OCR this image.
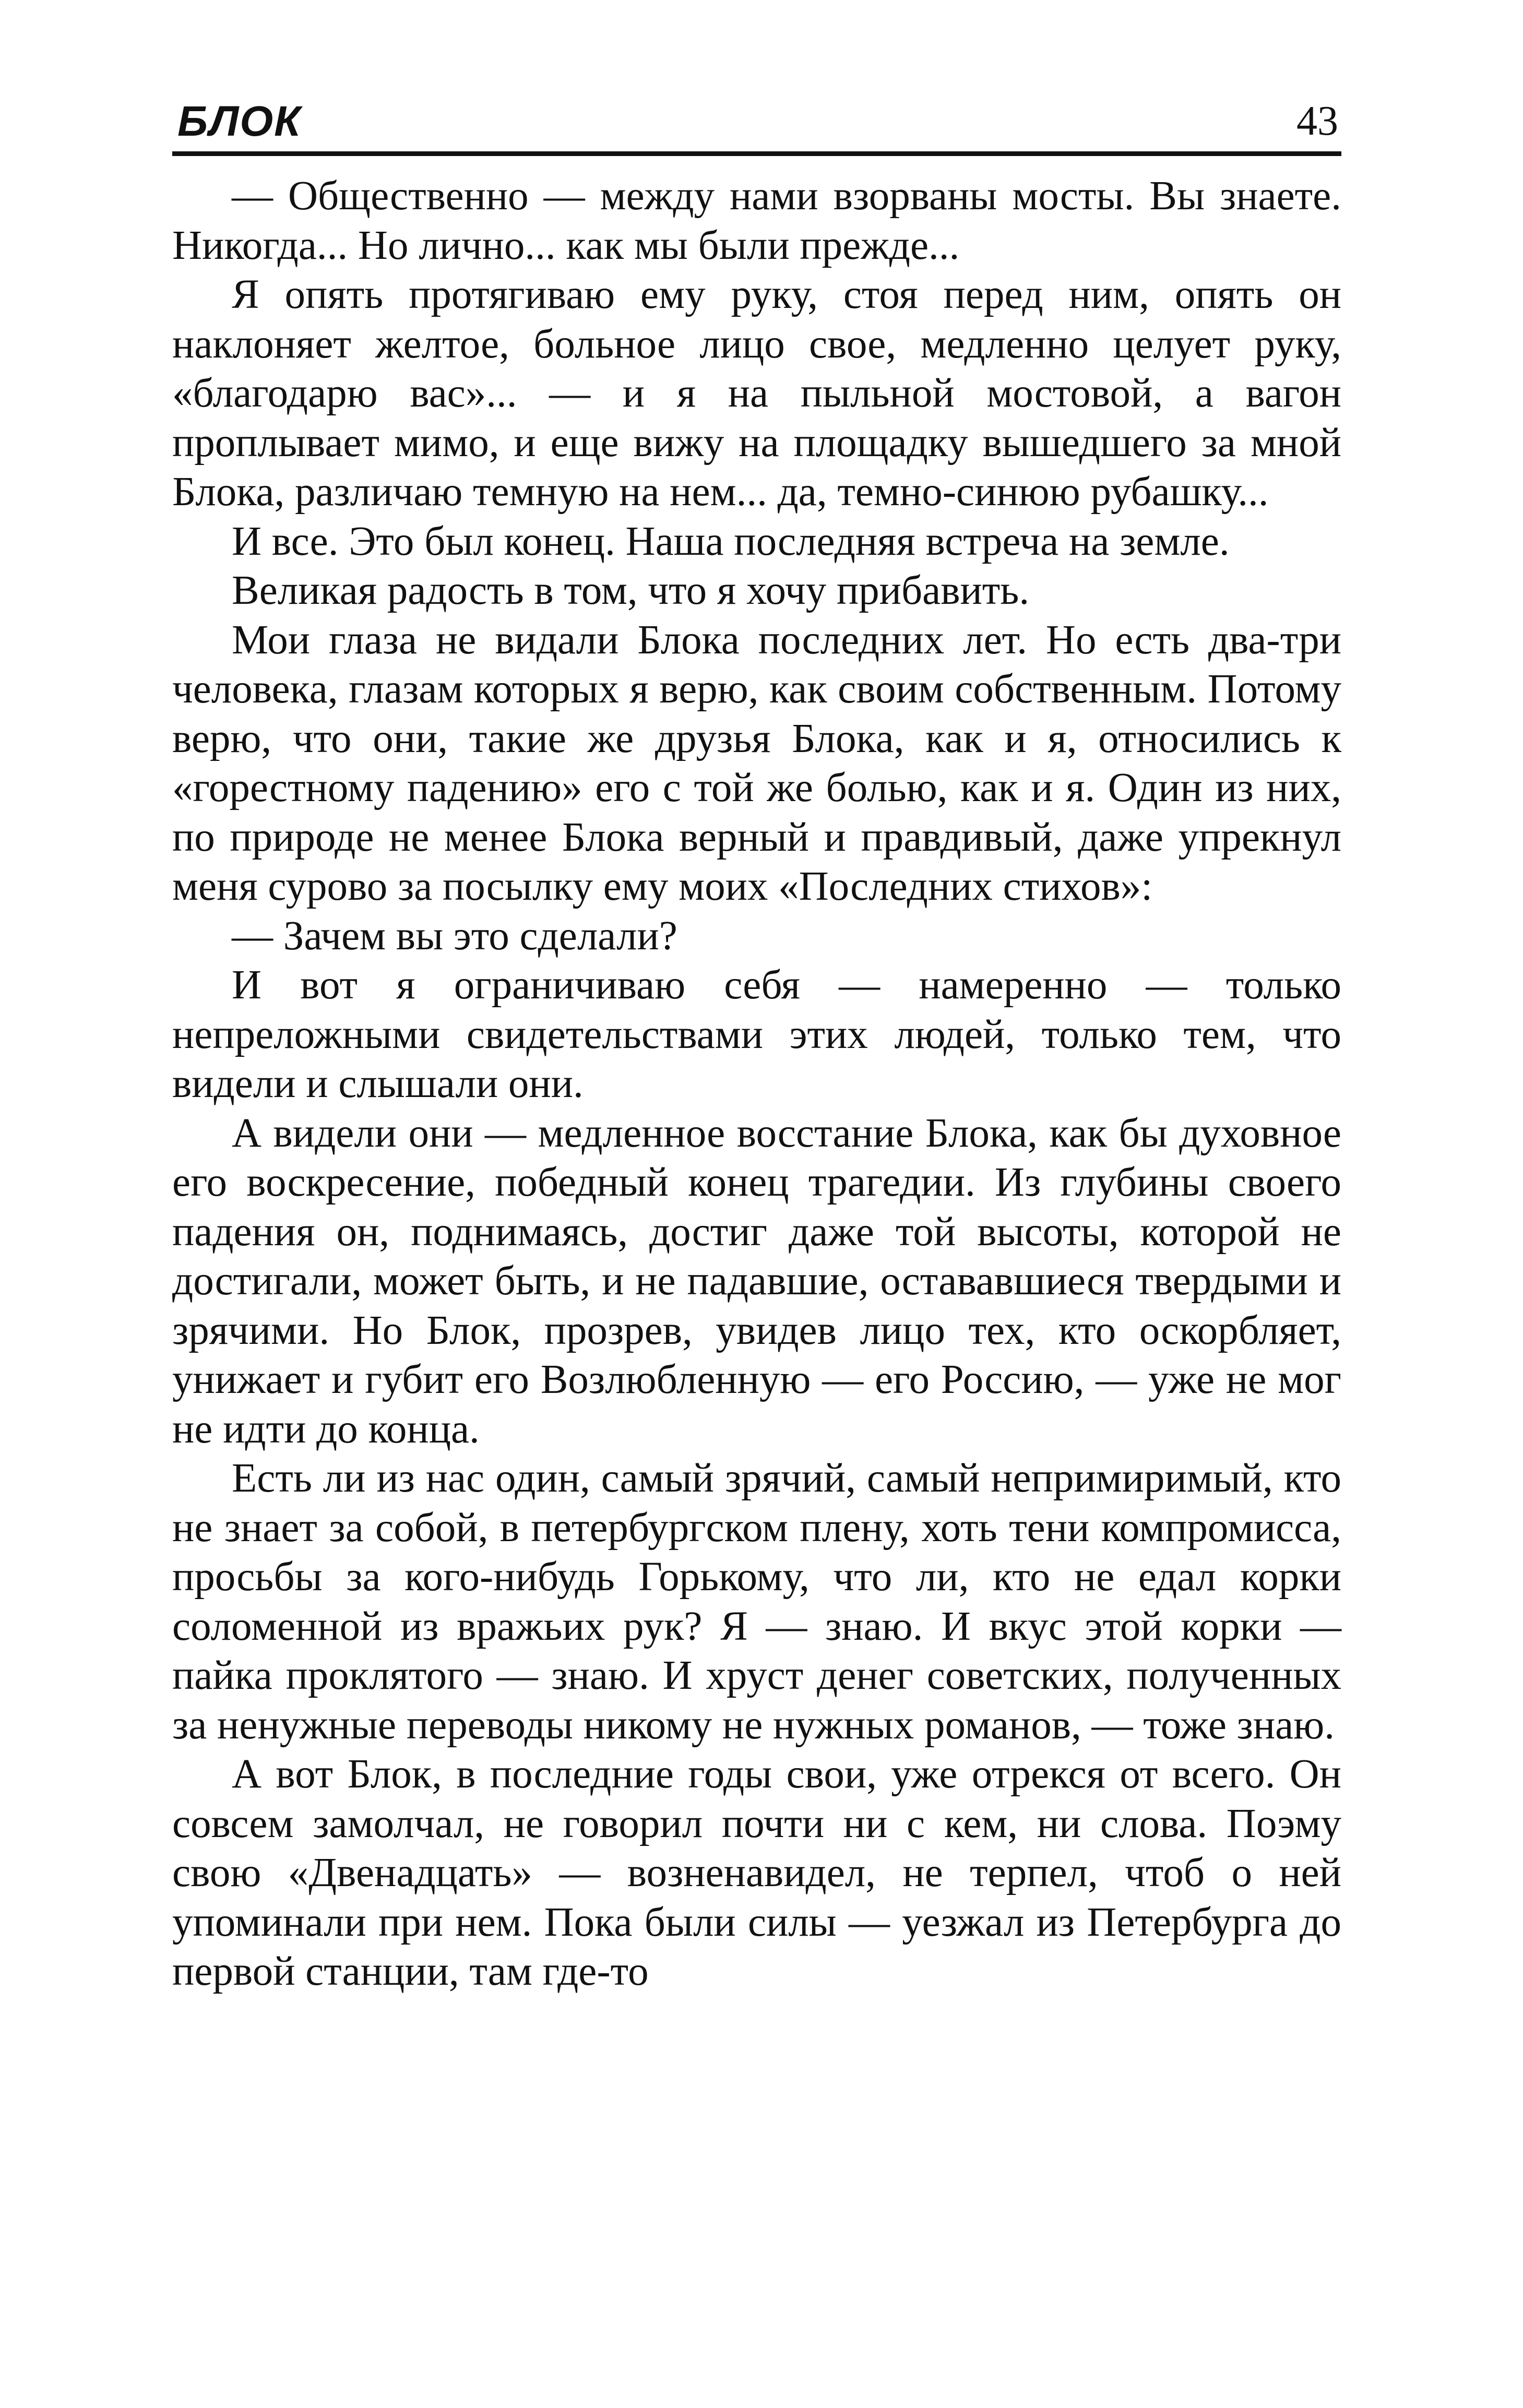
БЛОК	43

— Общественно — между нами взорваны мосты. Вы знаете. Никогда... Но лично... как мы были прежде...

Я опять протягиваю ему руку, стоя перед ним, опять он наклоняет желтое, больное лицо свое, медленно целует руку, «благодарю вас»... — и я на пыльной мостовой, а вагон проплывает мимо, и еще вижу на площадку вышедшего за мной Блока, различаю темную на нем... да, темно-синюю рубашку...

И все. Это был конец. Наша последняя встреча на земле.

Великая радость в том, что я хочу прибавить.

Мои глаза не видали Блока последних лет. Но есть два-три человека, глазам которых я верю, как своим собственным. Потому верю, что они, такие же друзья Блока, как и я, относились к «горестному падению» его с той же болью, как и я. Один из них, по природе не менее Блока верный и правдивый, даже упрекнул меня сурово за посылку ему моих «Последних стихов»:

— Зачем вы это сделали?

И вот я ограничиваю себя — намеренно — только непреложными свидетельствами этих людей, только тем, что видели и слышали они.

А видели они — медленное восстание Блока, как бы духовное его воскресение, победный конец трагедии. Из глубины своего падения он, поднимаясь, достиг даже той высоты, которой не достигали, может быть, и не падавшие, остававшиеся твердыми и зрячими. Но Блок, прозрев, увидев лицо тех, кто оскорбляет, унижает и губит его Возлюбленную — его Россию, — уже не мог не идти до конца.

Есть ли из нас один, самый зрячий, самый непримиримый, кто не знает за собой, в петербургском плену, хоть тени компромисса, просьбы за кого-нибудь Горькому, что ли, кто не едал корки соломенной из вражьих рук? Я — знаю. И вкус этой корки — пайка проклятого — знаю. И хруст денег советских, полученных за ненужные переводы никому не нужных романов, — тоже знаю.

А вот Блок, в последние годы свои, уже отрекся от всего. Он совсем замолчал, не говорил почти ни с кем, ни слова. Поэму свою «Двенадцать» — возненавидел, не терпел, чтоб о ней упоминали при нем. Пока были силы — уезжал из Петербурга до первой станции, там где-то
